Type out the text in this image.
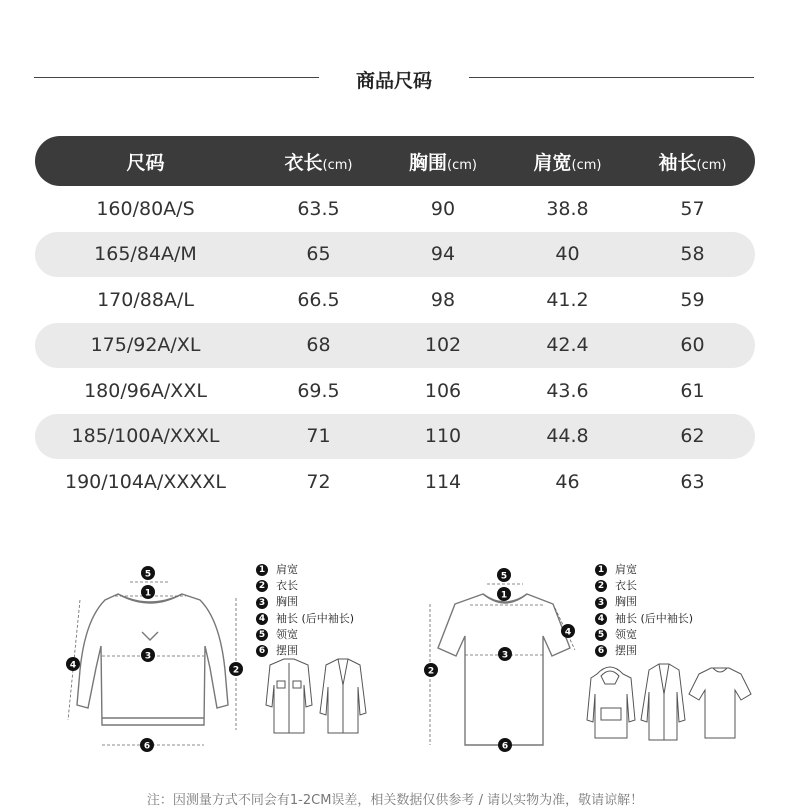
商品尺码
尺码	衣长(cm)	胸围(cm)	肩宽(cm)	袖长(cm)
160/80A/S	63.5	90	38.8	57
165/84A/M	65	94	40	58
170/88A/L	66.5	98	41.2	59
175/92A/XL	68	102	42.4	60
180/96A/XXL	69.5	106	43.6	61
185/100A/XXXL	71	110	44.8	62
190/104A/XXXXL	72	114	46	63
5
1
3
4	2
6
1 肩宽
2 衣长
3 胸围
4 袖长 (后中袖长)
5 领宽
6 摆围
5
1
3
4
2
6
1 肩宽
2 衣长
3 胸围
4 袖长 (后中袖长)
5 领宽
6 摆围
注：因测量方式不同会有1-2CM误差，相关数据仅供参考 / 请以实物为准，敬请谅解！
